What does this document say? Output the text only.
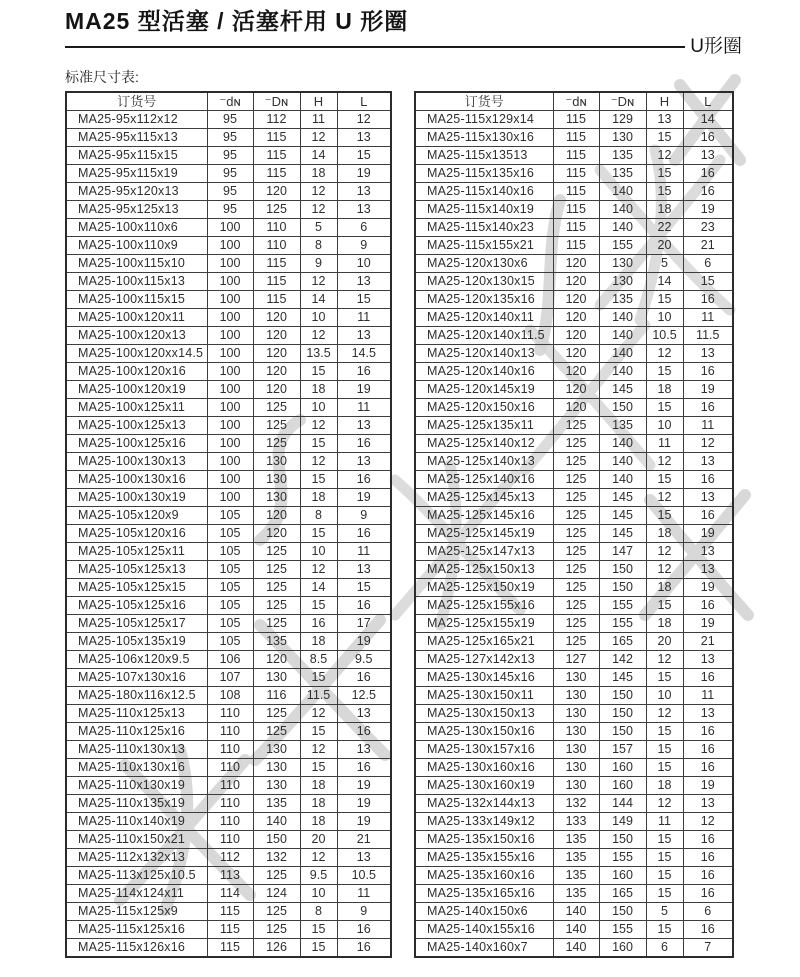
MA25 型活塞 / 活塞杆用 U 形圈
U形圈
标准尺寸表:
订货号	⁻dɴ	⁻Dɴ	H	L
MA25-95x112x12	95	112	11	12
MA25-95x115x13	95	115	12	13
MA25-95x115x15	95	115	14	15
MA25-95x115x19	95	115	18	19
MA25-95x120x13	95	120	12	13
MA25-95x125x13	95	125	12	13
MA25-100x110x6	100	110	5	6
MA25-100x110x9	100	110	8	9
MA25-100x115x10	100	115	9	10
MA25-100x115x13	100	115	12	13
MA25-100x115x15	100	115	14	15
MA25-100x120x11	100	120	10	11
MA25-100x120x13	100	120	12	13
MA25-100x120xx14.5	100	120	13.5	14.5
MA25-100x120x16	100	120	15	16
MA25-100x120x19	100	120	18	19
MA25-100x125x11	100	125	10	11
MA25-100x125x13	100	125	12	13
MA25-100x125x16	100	125	15	16
MA25-100x130x13	100	130	12	13
MA25-100x130x16	100	130	15	16
MA25-100x130x19	100	130	18	19
MA25-105x120x9	105	120	8	9
MA25-105x120x16	105	120	15	16
MA25-105x125x11	105	125	10	11
MA25-105x125x13	105	125	12	13
MA25-105x125x15	105	125	14	15
MA25-105x125x16	105	125	15	16
MA25-105x125x17	105	125	16	17
MA25-105x135x19	105	135	18	19
MA25-106x120x9.5	106	120	8.5	9.5
MA25-107x130x16	107	130	15	16
MA25-180x116x12.5	108	116	11.5	12.5
MA25-110x125x13	110	125	12	13
MA25-110x125x16	110	125	15	16
MA25-110x130x13	110	130	12	13
MA25-110x130x16	110	130	15	16
MA25-110x130x19	110	130	18	19
MA25-110x135x19	110	135	18	19
MA25-110x140x19	110	140	18	19
MA25-110x150x21	110	150	20	21
MA25-112x132x13	112	132	12	13
MA25-113x125x10.5	113	125	9.5	10.5
MA25-114x124x11	114	124	10	11
MA25-115x125x9	115	125	8	9
MA25-115x125x16	115	125	15	16
MA25-115x126x16	115	126	15	16
订货号	⁻dɴ	⁻Dɴ	H	L
MA25-115x129x14	115	129	13	14
MA25-115x130x16	115	130	15	16
MA25-115x13513	115	135	12	13
MA25-115x135x16	115	135	15	16
MA25-115x140x16	115	140	15	16
MA25-115x140x19	115	140	18	19
MA25-115x140x23	115	140	22	23
MA25-115x155x21	115	155	20	21
MA25-120x130x6	120	130	5	6
MA25-120x130x15	120	130	14	15
MA25-120x135x16	120	135	15	16
MA25-120x140x11	120	140	10	11
MA25-120x140x11.5	120	140	10.5	11.5
MA25-120x140x13	120	140	12	13
MA25-120x140x16	120	140	15	16
MA25-120x145x19	120	145	18	19
MA25-120x150x16	120	150	15	16
MA25-125x135x11	125	135	10	11
MA25-125x140x12	125	140	11	12
MA25-125x140x13	125	140	12	13
MA25-125x140x16	125	140	15	16
MA25-125x145x13	125	145	12	13
MA25-125x145x16	125	145	15	16
MA25-125x145x19	125	145	18	19
MA25-125x147x13	125	147	12	13
MA25-125x150x13	125	150	12	13
MA25-125x150x19	125	150	18	19
MA25-125x155x16	125	155	15	16
MA25-125x155x19	125	155	18	19
MA25-125x165x21	125	165	20	21
MA25-127x142x13	127	142	12	13
MA25-130x145x16	130	145	15	16
MA25-130x150x11	130	150	10	11
MA25-130x150x13	130	150	12	13
MA25-130x150x16	130	150	15	16
MA25-130x157x16	130	157	15	16
MA25-130x160x16	130	160	15	16
MA25-130x160x19	130	160	18	19
MA25-132x144x13	132	144	12	13
MA25-133x149x12	133	149	11	12
MA25-135x150x16	135	150	15	16
MA25-135x155x16	135	155	15	16
MA25-135x160x16	135	160	15	16
MA25-135x165x16	135	165	15	16
MA25-140x150x6	140	150	5	6
MA25-140x155x16	140	155	15	16
MA25-140x160x7	140	160	6	7
